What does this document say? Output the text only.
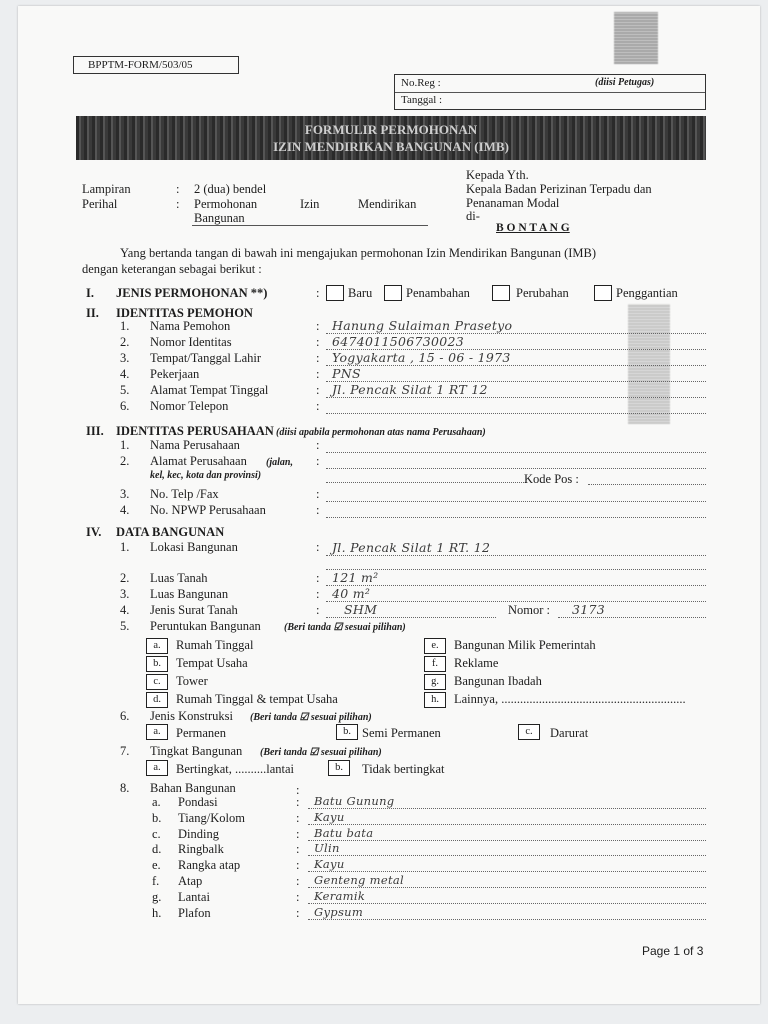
BPPTM-FORM/503/05
No.Reg :	(diisi Petugas)
Tanggal :
FORMULIR PERMOHONAN
IZIN MENDIRIKAN BANGUNAN (IMB)
Lampiran	: 2 (dua) bendel
Perihal	: Permohonan	Izin	Mendirikan
Bangunan
Kepada Yth.
Kepala Badan Perizinan Terpadu dan
Penanaman Modal
di-
B O N T A N G
Yang bertanda tangan di bawah ini mengajukan permohonan Izin Mendirikan Bangunan (IMB)
dengan keterangan sebagai berikut :
I. JENIS PERMOHONAN **)	: Baru	Penambahan	Perubahan	Penggantian
II. IDENTITAS PEMOHON
1. Nama Pemohon	: Hanung Sulaiman Prasetyo
2. Nomor Identitas	: 6474011506730023
3. Tempat/Tanggal Lahir	: Yogyakarta , 15 - 06 - 1973
4. Pekerjaan	: PNS
5. Alamat Tempat Tinggal	: Jl. Pencak Silat 1 RT 12
6. Nomor Telepon	:
III. IDENTITAS PERUSAHAAN (diisi apabila permohonan atas nama Perusahaan)
1. Nama Perusahaan	:
2. Alamat Perusahaan (jalan,
kel, kec, kota dan provinsi)
:
Kode Pos :
3. No. Telp /Fax	:
4. No. NPWP Perusahaan	:
IV. DATA BANGUNAN
1. Lokasi Bangunan	: Jl. Pencak Silat 1 RT. 12
2. Luas Tanah	: 121 m²
3. Luas Bangunan	: 40 m²
4. Jenis Surat Tanah	: SHM	Nomor : 3173
5. Peruntukan Bangunan (Beri tanda ☑ sesuai pilihan)
a.	Rumah Tinggal
b.	Tempat Usaha
c.	Tower
d.	Rumah Tinggal & tempat Usaha
e.	Bangunan Milik Pemerintah
f.	Reklame
g.	Bangunan Ibadah
h.	Lainnya, ...........................................................
6. Jenis Konstruksi (Beri tanda ☑ sesuai pilihan)
a.	Permanen	b. Semi Permanen	c.	Darurat
7. Tingkat Bangunan (Beri tanda ☑ sesuai pilihan)
a.	Bertingkat, ..........lantai	b.	Tidak bertingkat
8. Bahan Bangunan	:
a. Pondasi	: Batu Gunung
b. Tiang/Kolom	: Kayu
c. Dinding	: Batu bata
d. Ringbalk	: Ulin
e. Rangka atap	: Kayu
f. Atap	: Genteng metal
g. Lantai	: Keramik
h. Plafon	: Gypsum
Page 1 of 3
